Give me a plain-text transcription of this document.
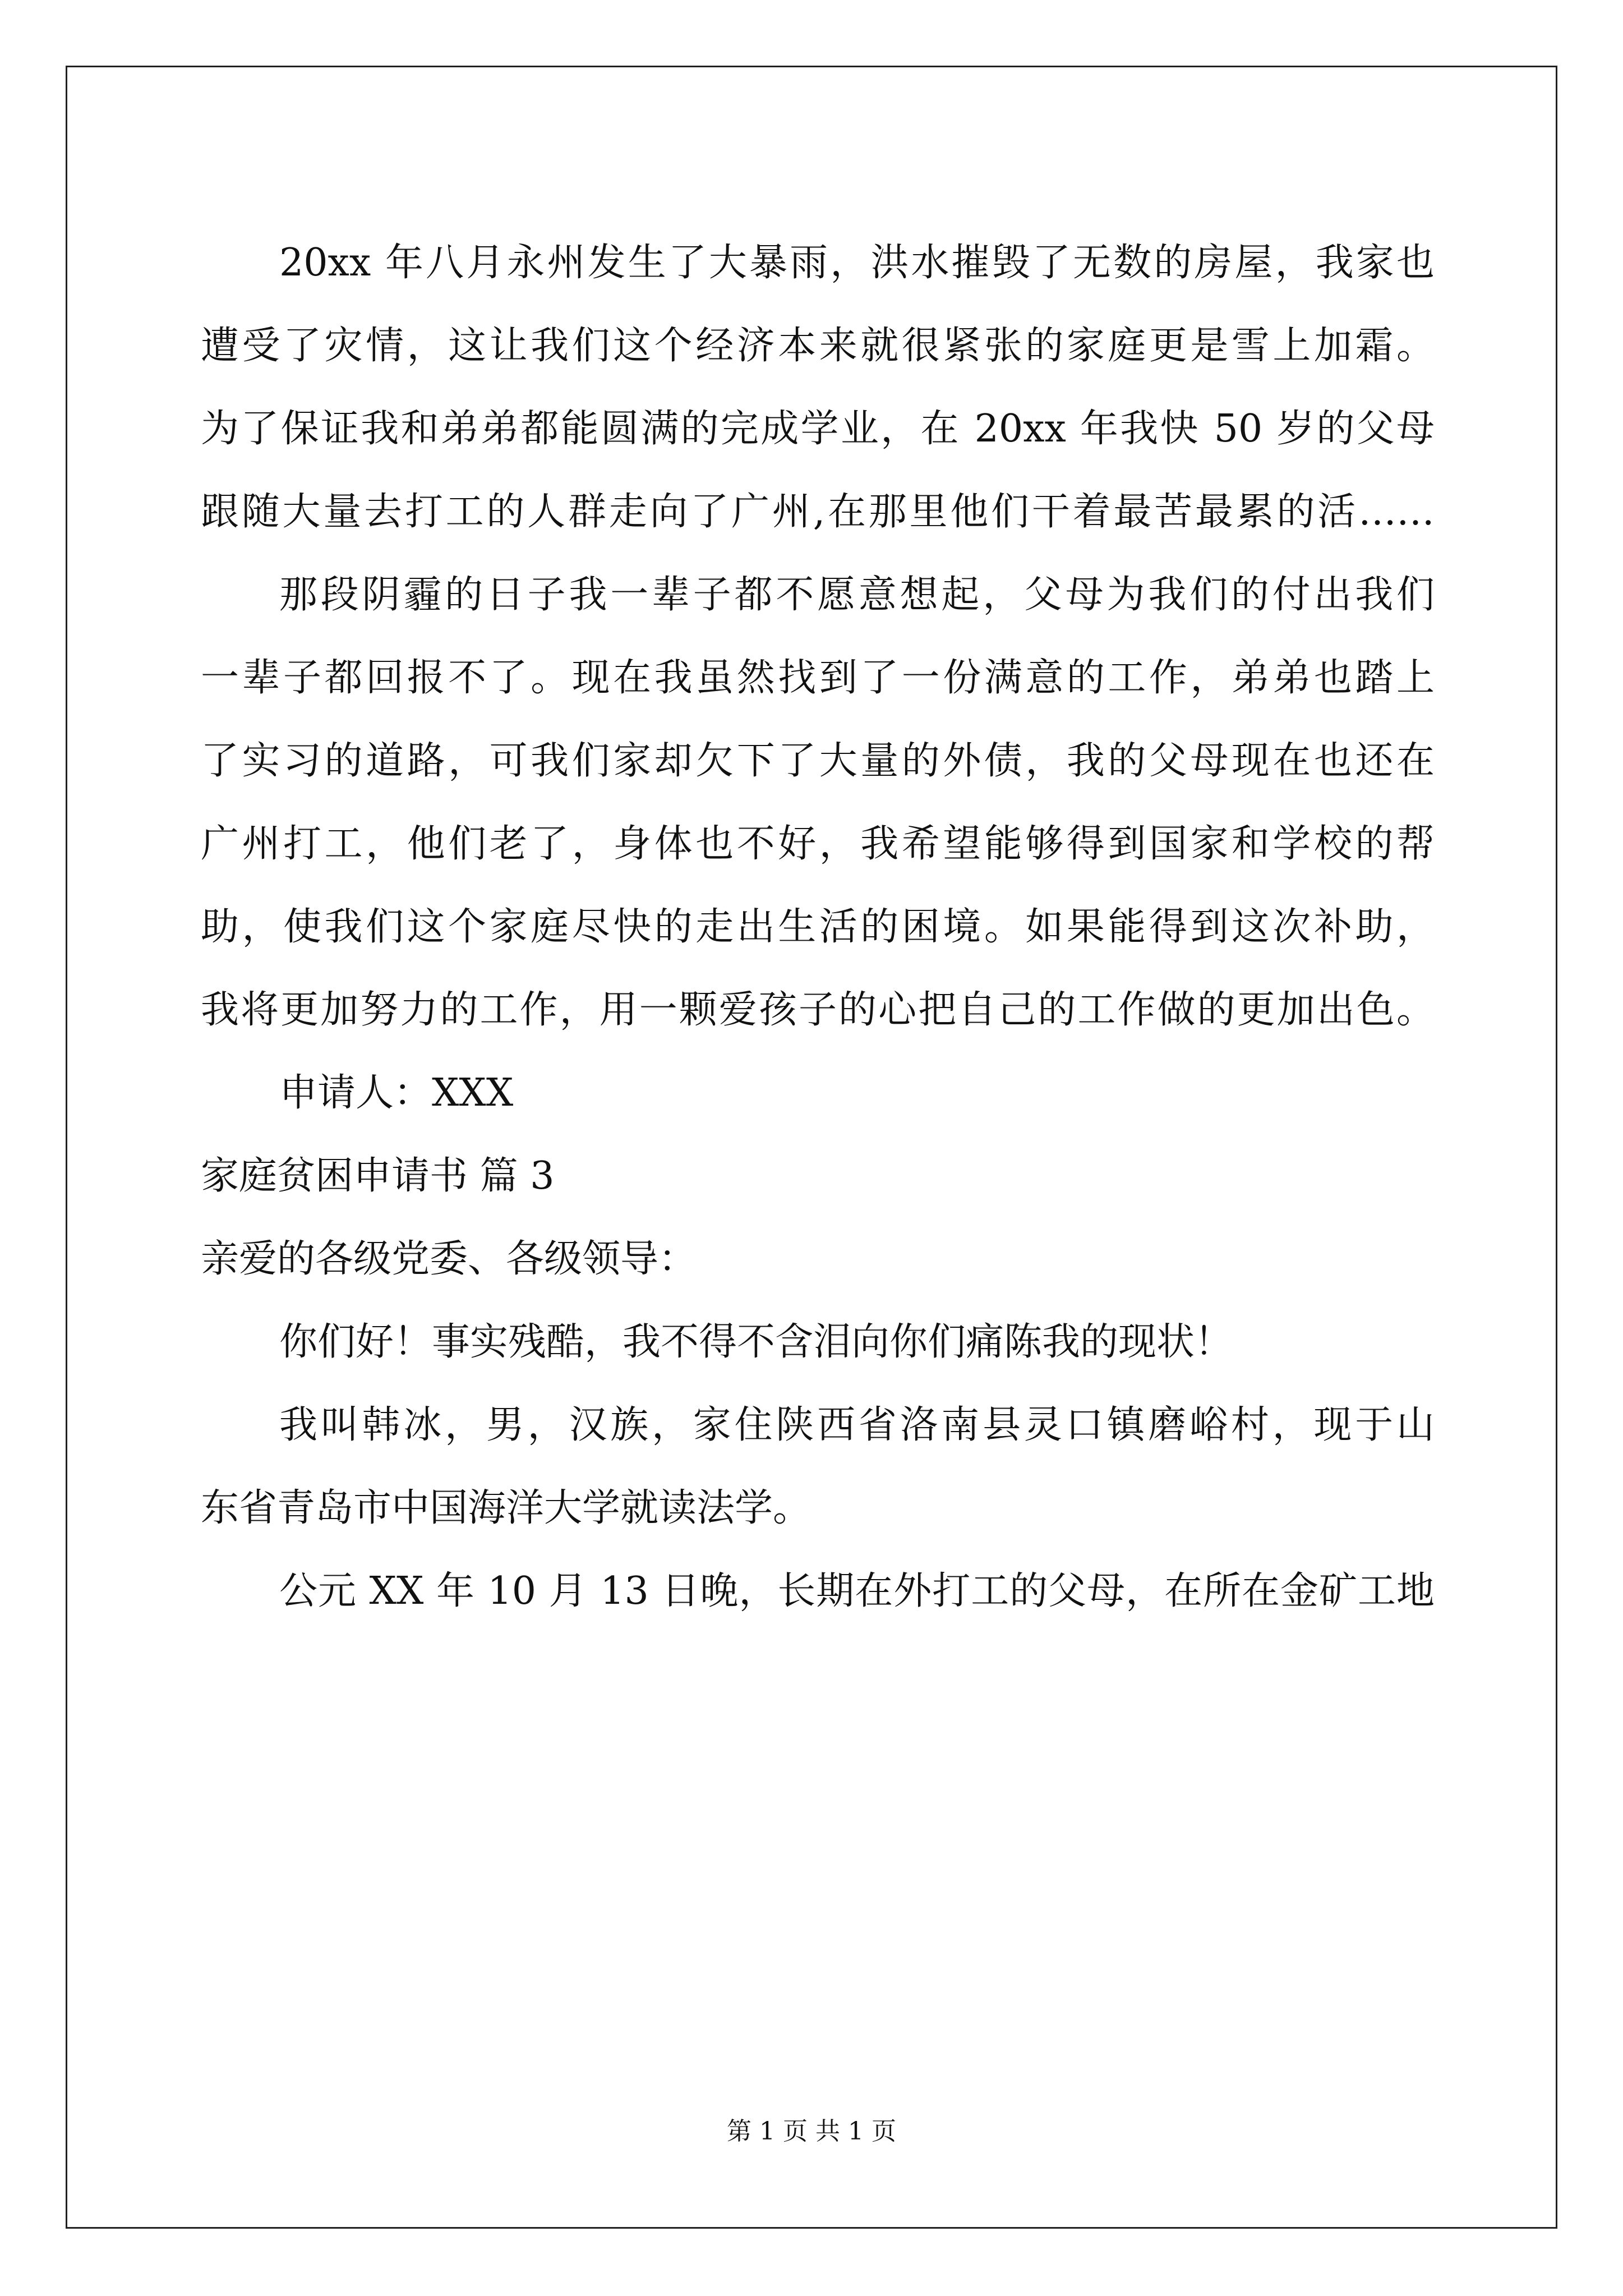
20xx 年八月永州发生了大暴雨，洪水摧毁了无数的房屋，我家也
遭受了灾情，这让我们这个经济本来就很紧张的家庭更是雪上加霜。
为了保证我和弟弟都能圆满的完成学业，在 20xx 年我快 50 岁的父母
跟随大量去打工的人群走向了广州,在那里他们干着最苦最累的活……
那段阴霾的日子我一辈子都不愿意想起，父母为我们的付出我们
一辈子都回报不了。现在我虽然找到了一份满意的工作，弟弟也踏上
了实习的道路，可我们家却欠下了大量的外债，我的父母现在也还在
广州打工，他们老了，身体也不好，我希望能够得到国家和学校的帮
助，使我们这个家庭尽快的走出生活的困境。如果能得到这次补助，
我将更加努力的工作，用一颗爱孩子的心把自己的工作做的更加出色。
申请人：XXX
家庭贫困申请书 篇 3
亲爱的各级党委、各级领导：
你们好！事实残酷，我不得不含泪向你们痛陈我的现状！
我叫韩冰，男，汉族，家住陕西省洛南县灵口镇磨峪村，现于山
东省青岛市中国海洋大学就读法学。
公元 XX 年 10 月 13 日晚，长期在外打工的父母，在所在金矿工地
第 1 页 共 1 页
